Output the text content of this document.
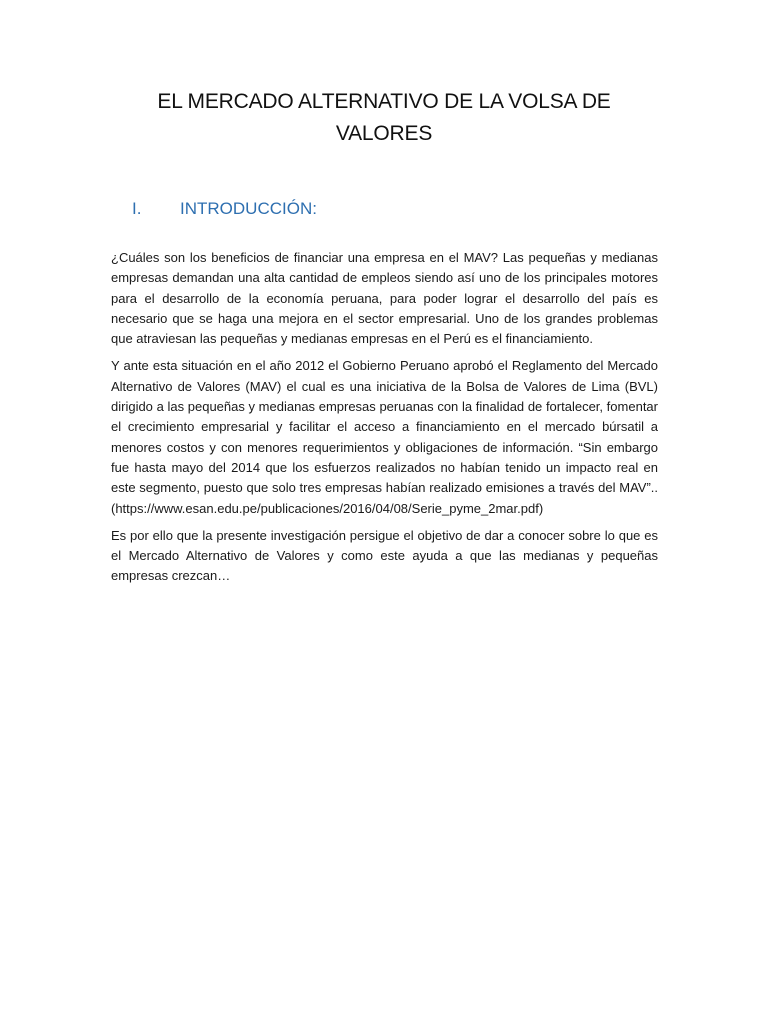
EL MERCADO ALTERNATIVO DE LA VOLSA DE
VALORES
I.	INTRODUCCIÓN:

¿Cuáles son los beneficios de financiar una empresa en el MAV? Las pequeñas y medianas empresas demandan una alta cantidad de empleos siendo así uno de los principales motores para el desarrollo de la economía peruana, para poder lograr el desarrollo del país es necesario que se haga una mejora en el sector empresarial. Uno de los grandes problemas que atraviesan las pequeñas y medianas empresas en el Perú es el financiamiento.

Y ante esta situación en el año 2012 el Gobierno Peruano aprobó el Reglamento del Mercado Alternativo de Valores (MAV) el cual es una iniciativa de la Bolsa de Valores de Lima (BVL) dirigido a las pequeñas y medianas empresas peruanas con la finalidad de fortalecer, fomentar el crecimiento empresarial y facilitar el acceso a financiamiento en el mercado búrsatil a menores costos y con menores requerimientos y obligaciones de información. “Sin embargo fue hasta mayo del 2014 que los esfuerzos realizados no habían tenido un impacto real en este segmento, puesto que solo tres empresas habían realizado emisiones a través del MAV”..

(https://www.esan.edu.pe/publicaciones/2016/04/08/Serie_pyme_2mar.pdf)

Es por ello que la presente investigación persigue el objetivo de dar a conocer sobre lo que es el Mercado Alternativo de Valores y como este ayuda a que las medianas y pequeñas empresas crezcan…
